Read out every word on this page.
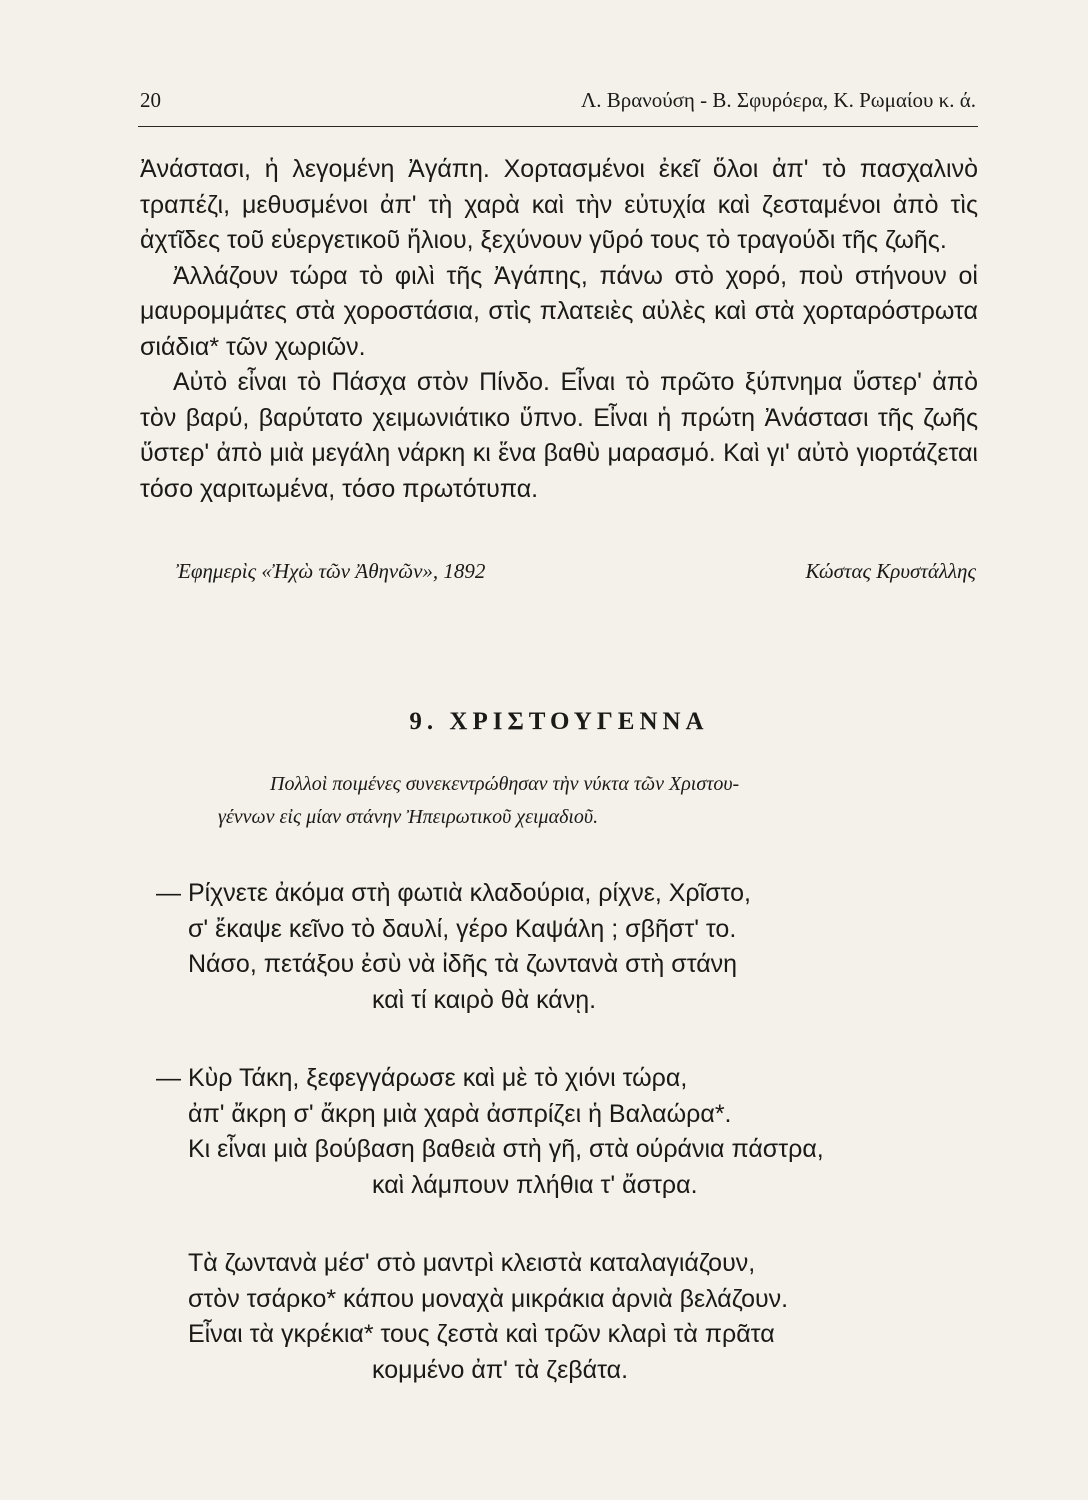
20	Λ. Βρανούση - Β. Σφυρόερα, Κ. Ρωμαίου κ. ά.

Ἀνάστασι, ἡ λεγομένη Ἀγάπη. Χορτασμένοι ἐκεῖ ὅλοι ἀπ' τὸ πασχαλινὸ τραπέζι, μεθυσμένοι ἀπ' τὴ χαρὰ καὶ τὴν εὐτυχία καὶ ζεσταμένοι ἀπὸ τὶς ἀχτῖδες τοῦ εὐεργετικοῦ ἥλιου, ξεχύνουν γῦρό τους τὸ τραγούδι τῆς ζωῆς.

Ἀλλάζουν τώρα τὸ φιλὶ τῆς Ἀγάπης, πάνω στὸ χορό, ποὺ στήνουν οἱ μαυρομμάτες στὰ χοροστάσια, στὶς πλατειὲς αὐλὲς καὶ στὰ χορταρόστρωτα σιάδια* τῶν χωριῶν.

Αὐτὸ εἶναι τὸ Πάσχα στὸν Πίνδο. Εἶναι τὸ πρῶτο ξύπνημα ὕστερ' ἀπὸ τὸν βαρύ, βαρύτατο χειμωνιάτικο ὕπνο. Εἶναι ἡ πρώτη Ἀνάστασι τῆς ζωῆς ὕστερ' ἀπὸ μιὰ μεγάλη νάρκη κι ἕνα βαθὺ μαρασμό. Καὶ γι' αὐτὸ γιορτάζεται τόσο χαριτωμένα, τόσο πρωτότυπα.

Ἐφημερὶς «Ἠχὼ τῶν Ἀθηνῶν», 1892	Κώστας Κρυστάλλης
9. ΧΡΙΣΤΟΥΓΕΝΝΑ
Πολλοὶ ποιμένες συνεκεντρώθησαν τὴν νύκτα τῶν Χριστου-
γέννων εἰς μίαν στάνην Ἠπειρωτικοῦ χειμαδιοῦ.
— Ρίχνετε ἀκόμα στὴ φωτιὰ κλαδούρια, ρίχνε, Χρῖστο,
σ' ἔκαψε κεῖνο τὸ δαυλί, γέρο Καψάλη ; σβῆστ' το.
Νάσο, πετάξου ἐσὺ νὰ ἰδῆς τὰ ζωντανὰ στὴ στάνη
καὶ τί καιρὸ θὰ κάνῃ.
— Κὺρ Τάκη, ξεφεγγάρωσε καὶ μὲ τὸ χιόνι τώρα,
ἀπ' ἄκρη σ' ἄκρη μιὰ χαρὰ ἀσπρίζει ἡ Βαλαώρα*.
Κι εἶναι μιὰ βούβαση βαθειὰ στὴ γῆ, στὰ ούράνια πάστρα,
καὶ λάμπουν πλήθια τ' ἄστρα.
Τὰ ζωντανὰ μέσ' στὸ μαντρὶ κλειστὰ καταλαγιάζουν,
στὸν τσάρκο* κάπου μοναχὰ μικράκια ἀρνιὰ βελάζουν.
Εἶναι τὰ γκρέκια* τους ζεστὰ καὶ τρῶν κλαρὶ τὰ πρᾶτα
κομμένο ἀπ' τὰ ζεβάτα.
